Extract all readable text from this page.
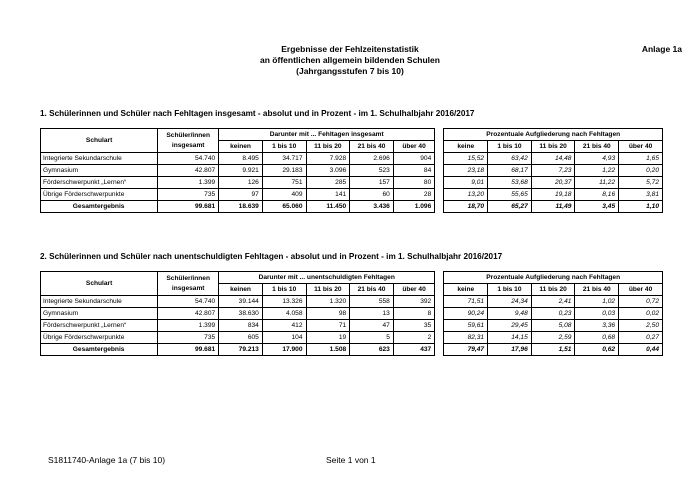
Ergebnisse der Fehlzeitenstatistik
an öffentlichen allgemein bildenden Schulen
(Jahrgangsstufen 7 bis 10)
Anlage 1a
1. Schülerinnen und Schüler nach Fehltagen insgesamt - absolut und in Prozent - im 1. Schulhalbjahr 2016/2017
Schulart	Schüler/innen insgesamt	Darunter mit ... Fehltagen insgesamt						Prozentuale Aufgliederung nach Fehltagen				
		keinen	1 bis 10	11 bis 20	21 bis 40	über 40		keine	1 bis 10	11 bis 20	21 bis 40	über 40
Integrierte Sekundarschule	54.740	8.495	34.717	7.928	2.696	904		15,52	63,42	14,48	4,93	1,65
Gymnasium	42.807	9.921	29.183	3.096	523	84		23,18	68,17	7,23	1,22	0,20
Förderschwerpunkt „Lernen“	1.399	126	751	285	157	80		9,01	53,68	20,37	11,22	5,72
Übrige Förderschwerpunkte	735	97	409	141	60	28		13,20	55,65	19,18	8,16	3,81
Gesamtergebnis	99.681	18.639	65.060	11.450	3.436	1.096		18,70	65,27	11,49	3,45	1,10
2. Schülerinnen und Schüler nach unentschuldigten Fehltagen - absolut und in Prozent - im 1. Schulhalbjahr 2016/2017
Schulart	Schüler/innen insgesamt	Darunter mit ... unentschuldigten Fehltagen						Prozentuale Aufgliederung nach Fehltagen				
		keinen	1 bis 10	11 bis 20	21 bis 40	über 40		keine	1 bis 10	11 bis 20	21 bis 40	über 40
Integrierte Sekundarschule	54.740	39.144	13.326	1.320	558	392		71,51	24,34	2,41	1,02	0,72
Gymnasium	42.807	38.630	4.058	98	13	8		90,24	9,48	0,23	0,03	0,02
Förderschwerpunkt „Lernen“	1.399	834	412	71	47	35		59,61	29,45	5,08	3,36	2,50
Übrige Förderschwerpunkte	735	605	104	19	5	2		82,31	14,15	2,59	0,68	0,27
Gesamtergebnis	99.681	79.213	17.900	1.508	623	437		79,47	17,96	1,51	0,62	0,44
S1811740-Anlage 1a (7 bis 10)	Seite 1 von 1
